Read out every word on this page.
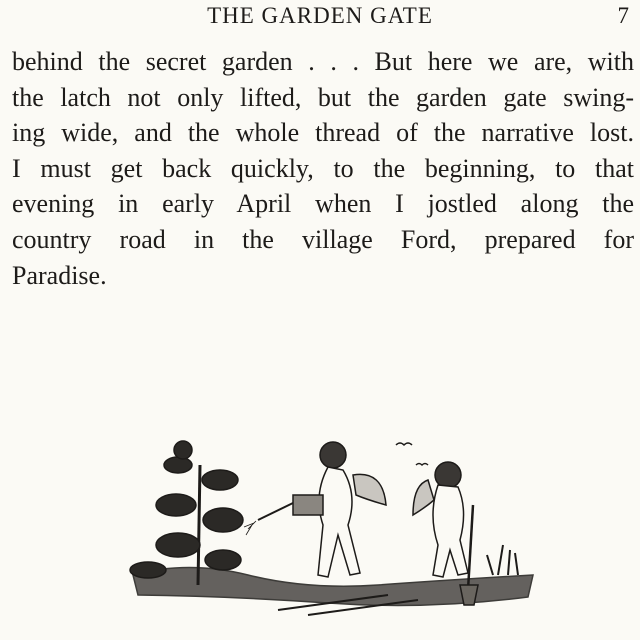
THE GARDEN GATE	7
behind the secret garden . . . But here we are, with
the latch not only lifted, but the garden gate swing-
ing wide, and the whole thread of the narrative lost.
I must get back quickly, to the beginning, to that
evening in early April when I jostled along the
country road in the village Ford, prepared for
Paradise.
